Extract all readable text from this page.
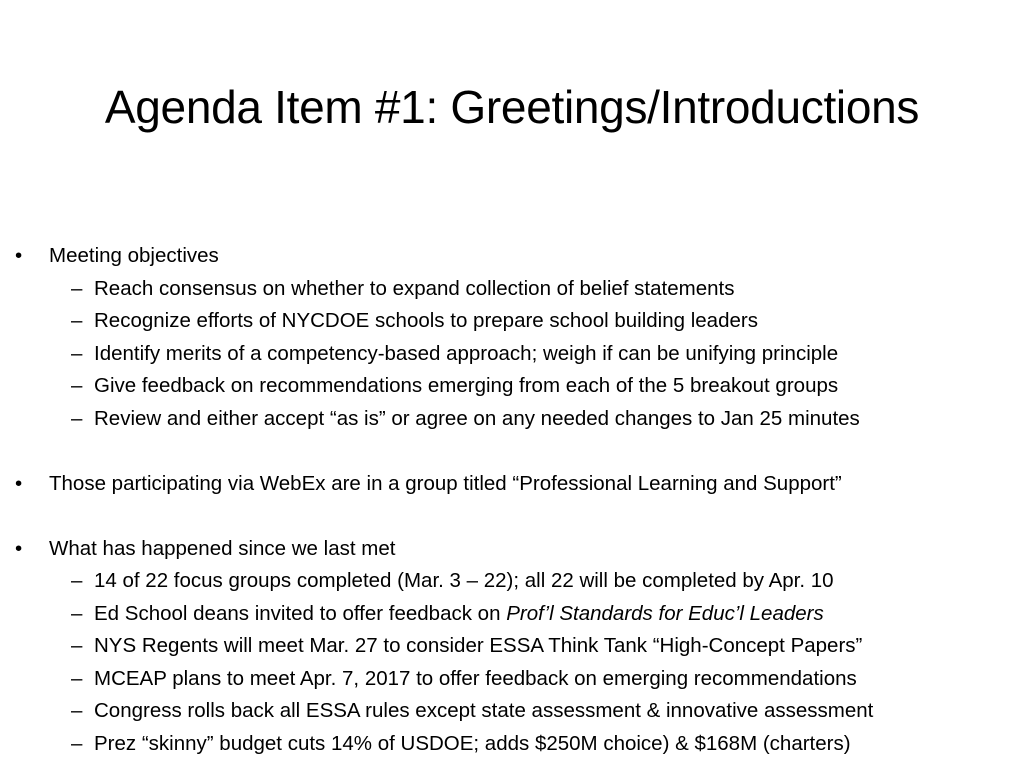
Agenda Item #1: Greetings/Introductions
• Meeting objectives
– Reach consensus on whether to expand collection of belief statements
– Recognize efforts of NYCDOE schools to prepare school building leaders
– Identify merits of a competency-based approach; weigh if can be unifying principle
– Give feedback on recommendations emerging from each of the 5 breakout groups
– Review and either accept “as is” or agree on any needed changes to Jan 25 minutes
• Those participating via WebEx are in a group titled “Professional Learning and Support”
• What has happened since we last met
– 14 of 22 focus groups completed (Mar. 3 – 22); all 22 will be completed by Apr. 10
– Ed School deans invited to offer feedback on Prof’l Standards for Educ’l Leaders
– NYS Regents will meet Mar. 27 to consider ESSA Think Tank “High-Concept Papers”
– MCEAP plans to meet Apr. 7, 2017 to offer feedback on emerging recommendations
– Congress rolls back all ESSA rules except state assessment & innovative assessment
– Prez “skinny” budget cuts 14% of USDOE; adds $250M choice) & $168M (charters)
